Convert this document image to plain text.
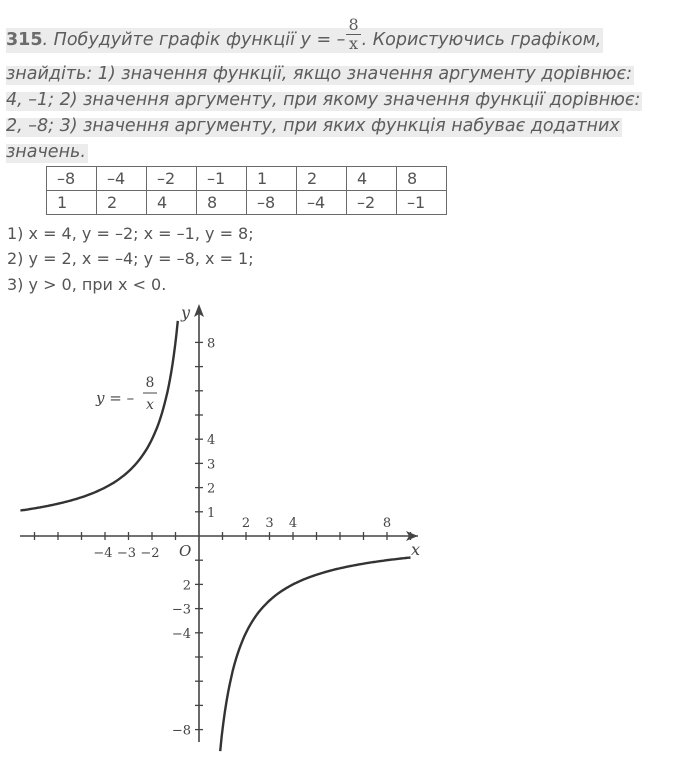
315. Побудуйте графік функції y = – $\frac{8}{x}$ . Користуючись графіком,
знайдіть: 1) значення функції, якщо значення аргументу дорівнює:
4, –1; 2) значення аргументу, при якому значення функції дорівнює:
2, –8; 3) значення аргументу, при яких функція набуває додатних
значень.
–8	–4	–2	–1	1	2	4	8
1	2	4	8	–8	–4	–2	–1
1) x = 4, y = –2; x = –1, y = 8;
2) y = 2, x = –4; y = –8, x = 1;
3) y > 0, при x < 0.
−4 −3 −2
2 3 4	8
8
4
3
2
1
2
−3
−4
−8
x
y
O
y = –
8
x
